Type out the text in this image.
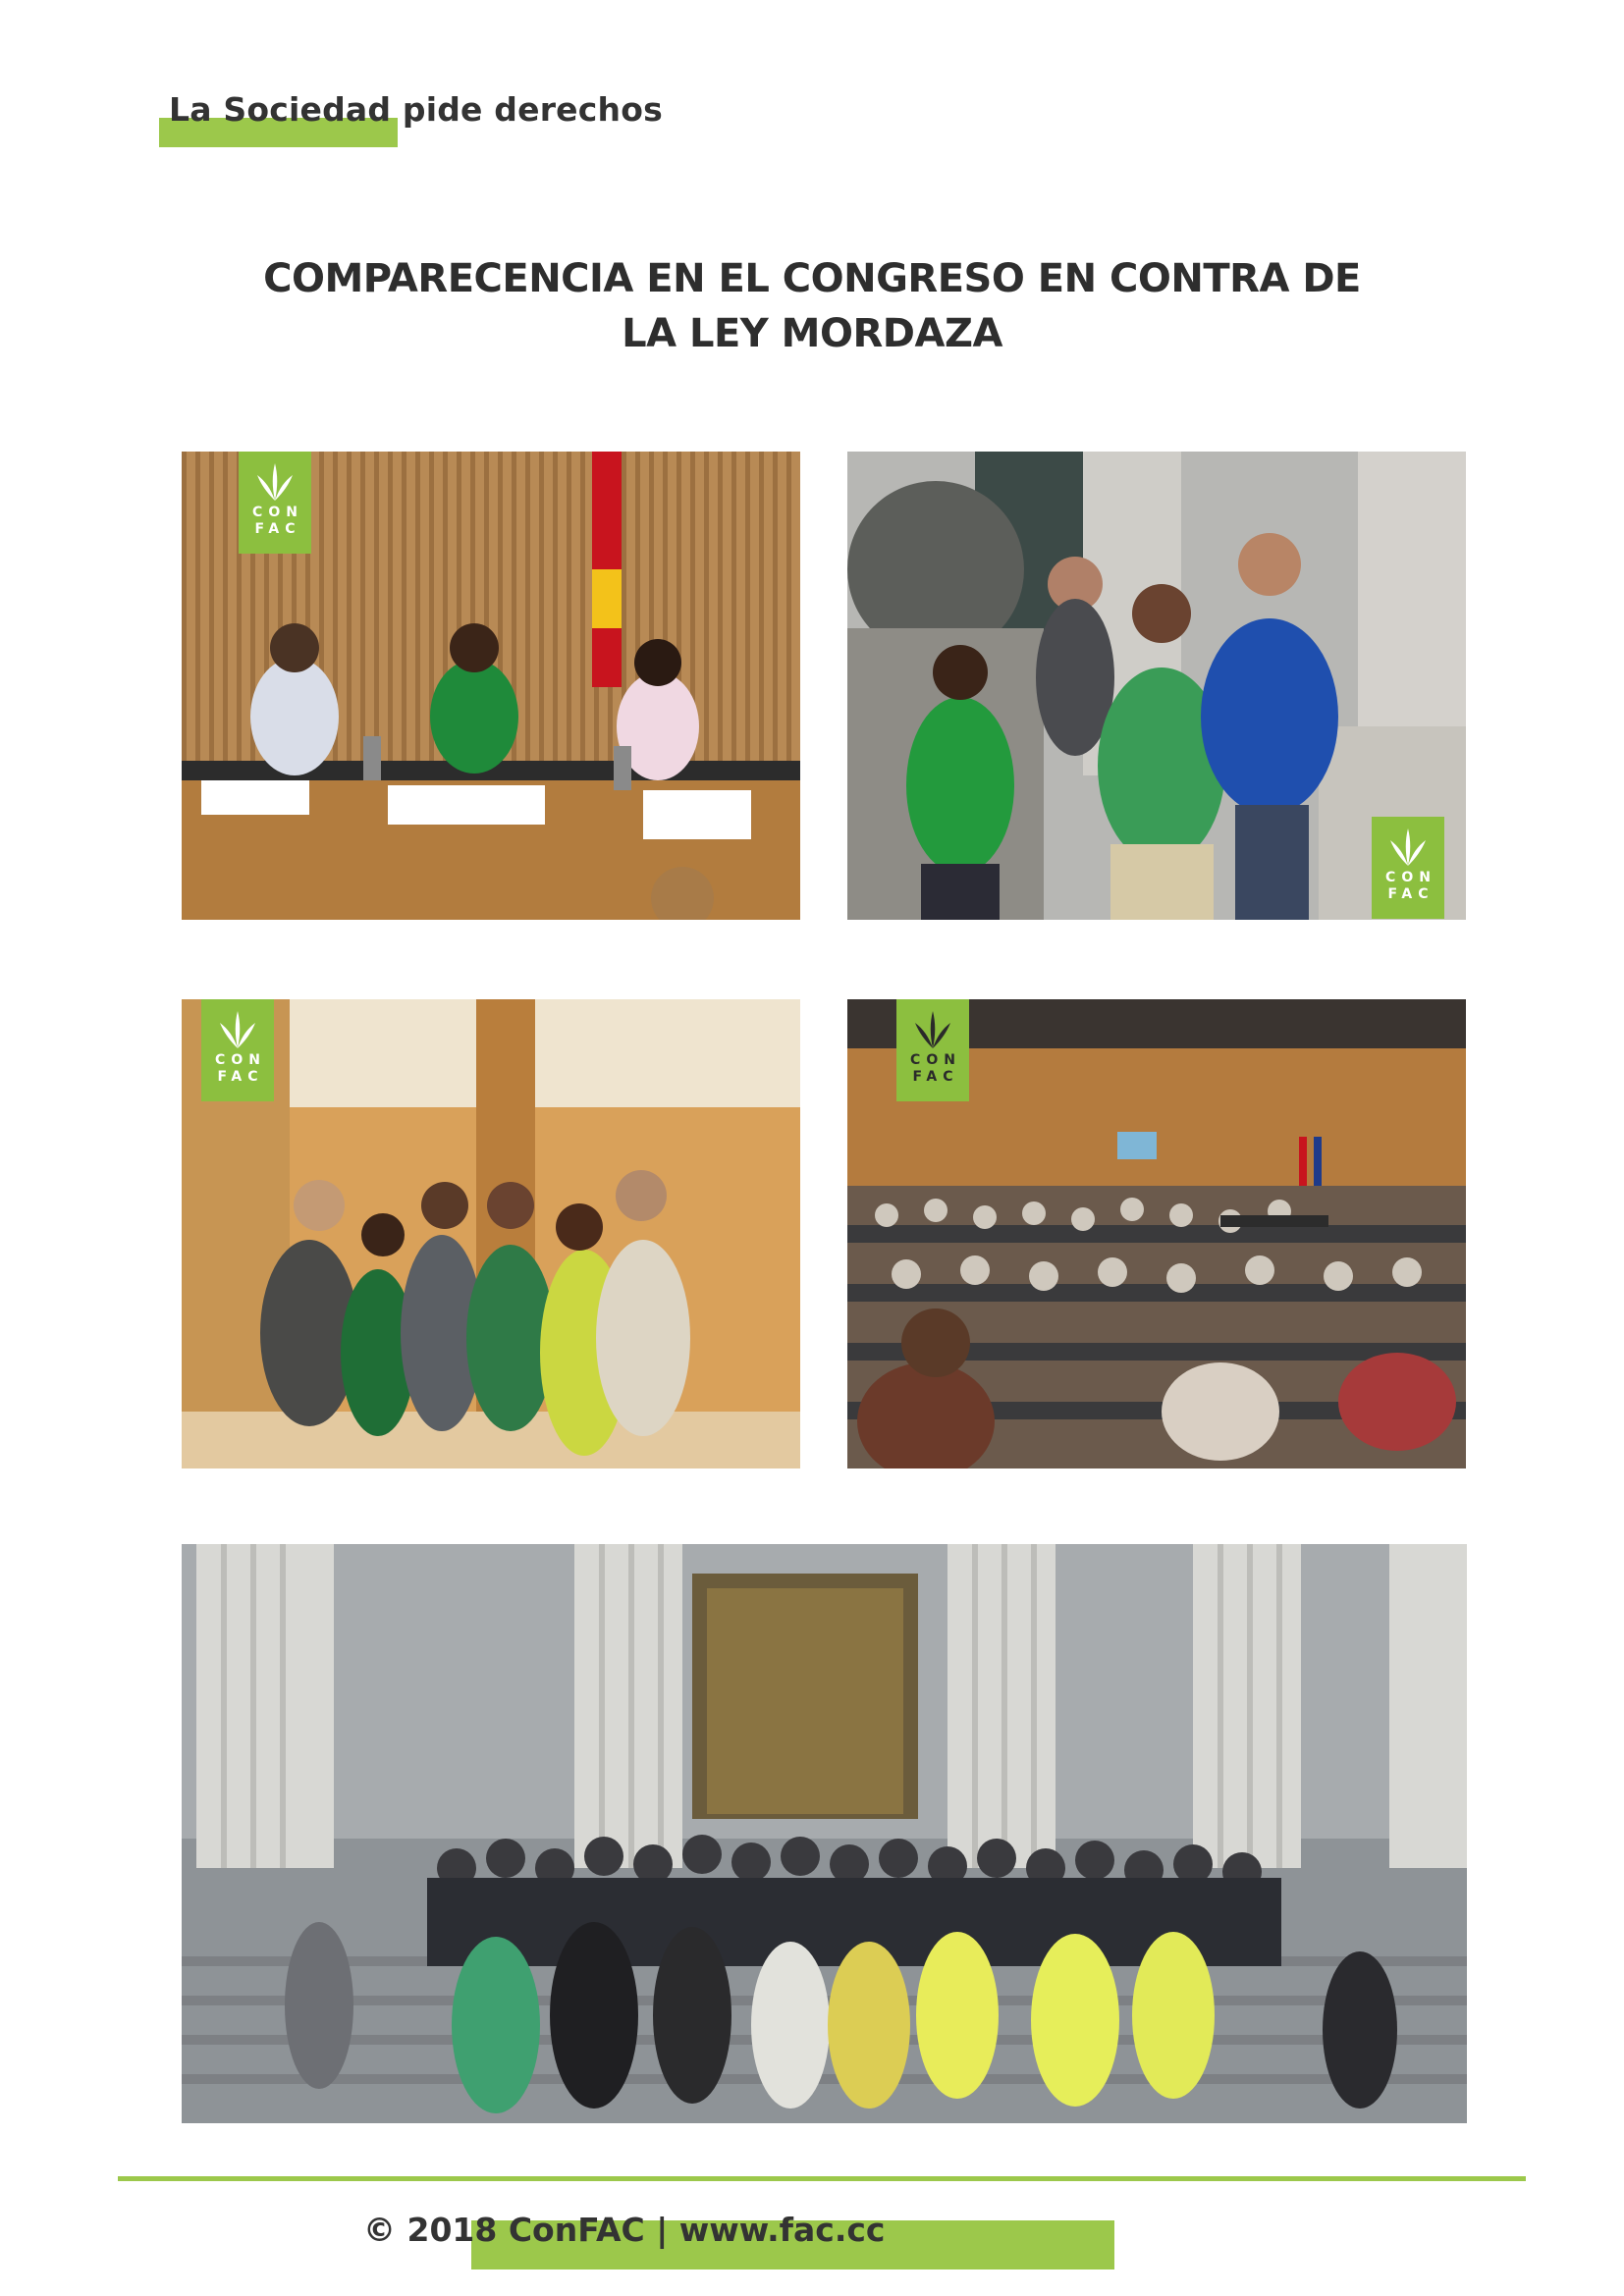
La Sociedad pide derechos
COMPARECENCIA EN EL CONGRESO EN CONTRA DE
LA LEY MORDAZA
CON
FAC
CON
FAC
CON
FAC
CON
FAC
© 2018 ConFAC | www.fac.cc
